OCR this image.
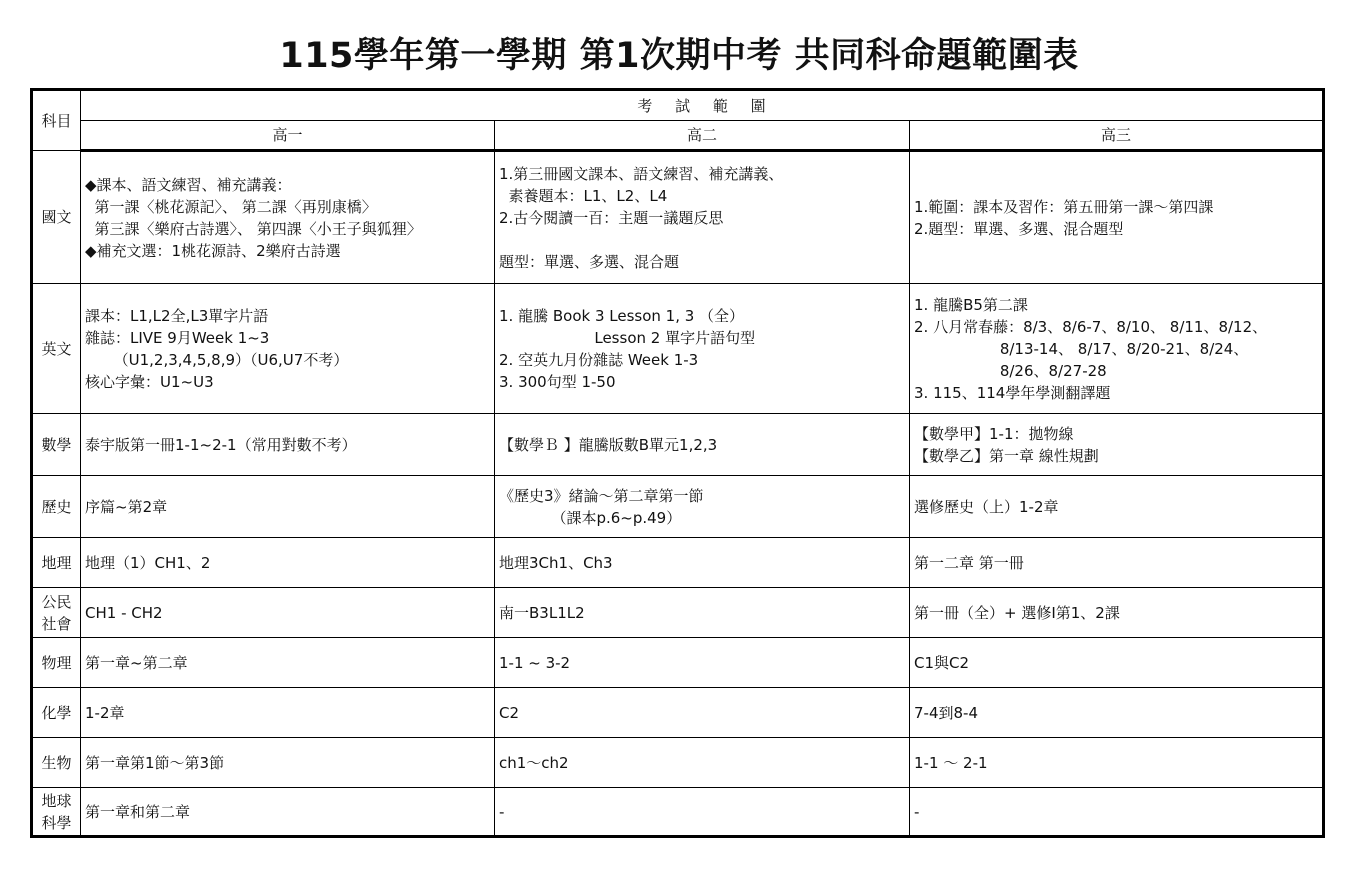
115學年第一學期 第1次期中考 共同科命題範圍表
科目	考 試 範 圍		
	高一	高二	高三

國文	◆課本、語文練習、補充講義：
第一課〈桃花源記〉、 第二課〈再別康橋〉
第三課〈樂府古詩選〉、 第四課〈小王子與狐狸〉
◆補充文選：1桃花源詩、2樂府古詩選	1.第三冊國文課本、語文練習、補充講義、
素養題本：L1、L2、L4
2.古今閱讀一百：主題一議題反思

題型：單選、多選、混合題	1.範圍：課本及習作：第五冊第一課～第四課
2.題型：單選、多選、混合題型

英文	課本：L1,L2全,L3單字片語
雜誌：LIVE 9月Week 1~3
（U1,2,3,4,5,8,9）（U6,U7不考）
核心字彙：U1~U3	1. 龍騰 Book 3 Lesson 1, 3 （全）
Lesson 2 單字片語句型
2. 空英九月份雜誌 Week 1-3
3. 300句型 1-50	1. 龍騰B5第二課
2. 八月常春藤：8/3、8/6-7、8/10、 8/11、8/12、
8/13-14、 8/17、8/20-21、8/24、
8/26、8/27-28
3. 115、114學年學測翻譯題

數學	泰宇版第一冊1-1~2-1（常用對數不考）	【數學Ｂ 】龍騰版數B單元1,2,3	【數學甲】1-1：拋物線
【數學乙】第一章 線性規劃

歷史	序篇~第2章	《歷史3》緒論～第二章第一節
（課本p.6~p.49）	選修歷史（上）1-2章

地理	地理（1）CH1、2	地理3Ch1、Ch3	第一二章 第一冊

公民
社會	CH1 - CH2	南一B3L1L2	第一冊（全）+ 選修Ⅰ第1、2課

物理	第一章~第二章	1-1 ~ 3-2	C1與C2

化學	1-2章	C2	7-4到8-4

生物	第一章第1節～第3節	ch1～ch2	1-1 ～ 2-1

地球
科學	第一章和第二章	-	-
